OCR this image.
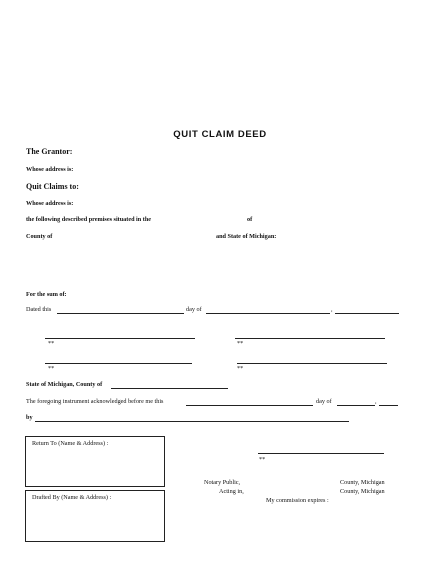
QUIT CLAIM DEED
The Grantor:
Whose address is:
Quit Claims to:
Whose address is:
the following described premises situated in the	of
County of	and State of Michigan:
For the sum of:
Dated this	day of	,
**	**
**	**
State of Michigan, County of
The foregoing instrument acknowledged before me this	day of	,
by
Return To (Name & Address) :
Drafted By (Name & Address) :
**
Notary Public,	County, Michigan
Acting in,	County, Michigan
My commission expires :
